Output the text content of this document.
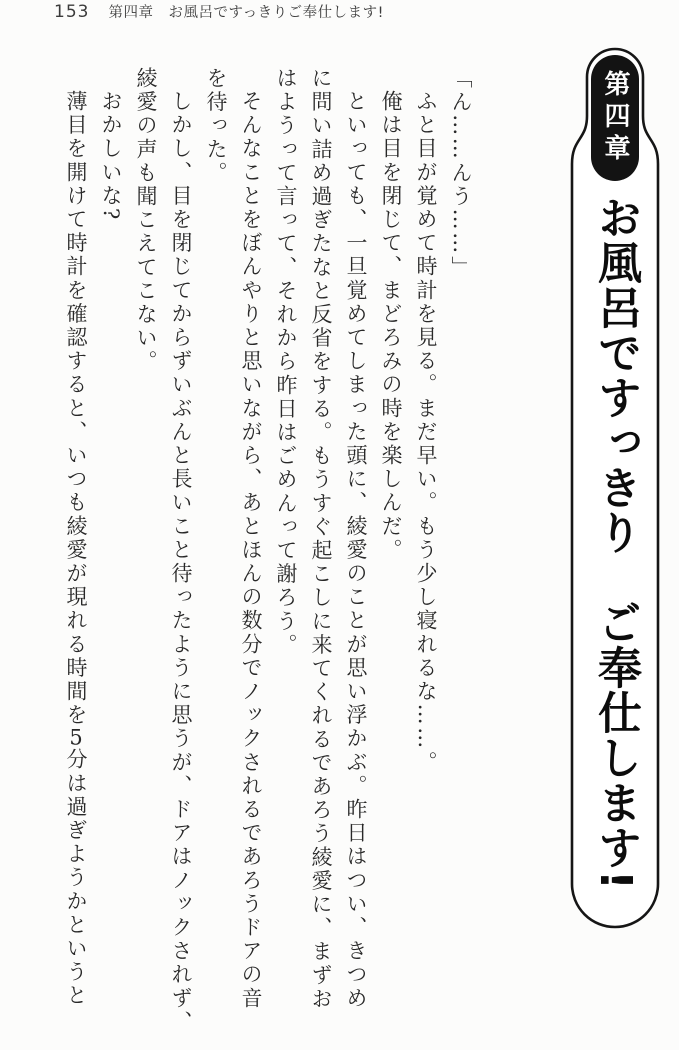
153 第四章　お風呂ですっきりご奉仕します!
第四章
お風呂ですっきり　ご奉仕します!

「ん……んう……」

ふと目が覚めて時計を見る。まだ早い。もう少し寝れるな……。

俺は目を閉じて、まどろみの時を楽しんだ。

といっても、一旦覚めてしまった頭に、綾愛のことが思い浮かぶ。昨日はつい、きつめ

に問い詰め過ぎたなと反省をする。もうすぐ起こしに来てくれるであろう綾愛に、まずお

はようって言って、それから昨日はごめんって謝ろう。

そんなことをぼんやりと思いながら、あとほんの数分でノックされるであろうドアの音

を待った。

しかし、目を閉じてからずいぶんと長いこと待ったように思うが、ドアはノックされず、

綾愛の声も聞こえてこない。

おかしいな?

薄目を開けて時計を確認すると、いつも綾愛が現れる時間を5分は過ぎようかというと
